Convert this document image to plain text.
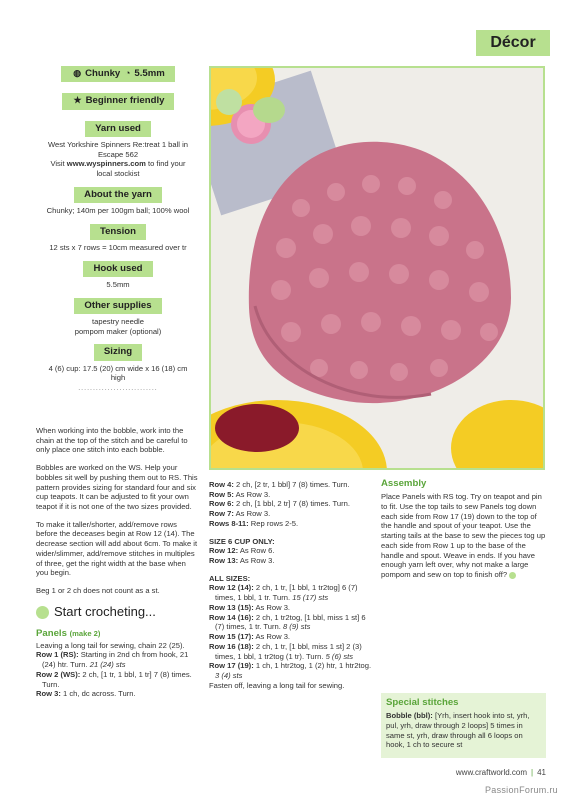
Décor
◍ Chunky ◔ 5.5mm
★ Beginner friendly
Yarn used
West Yorkshire Spinners Re:treat 1 ball in Escape 562
Visit www.wyspinners.com to find your local stockist
About the yarn
Chunky; 140m per 100gm ball; 100% wool
Tension
12 sts x 7 rows = 10cm measured over tr
Hook used
5.5mm
Other supplies
tapestry needle
pompom maker (optional)
Sizing
4 (6) cup: 17.5 (20) cm wide x 16 (18) cm high
...........................

When working into the bobble, work into the chain at the top of the stitch and be careful to only place one stitch into each bobble.

Bobbles are worked on the WS. Help your bobbles sit well by pushing them out to RS. This pattern provides sizing for standard four and six cup teapots. It can be adjusted to fit your own teapot if it is not one of the two sizes provided.

To make it taller/shorter, add/remove rows before the deceases begin at Row 12 (14). The decrease section will add about 6cm. To make it wider/slimmer, add/remove stitches in multiples of three, get the right width at the base when you begin.

Beg 1 or 2 ch does not count as a st.

Start crocheting...
Panels (make 2)
Leaving a long tail for sewing, chain 22 (25).
Row 1 (RS): Starting in 2nd ch from hook, 21 (24) htr. Turn. 21 (24) sts
Row 2 (WS): 2 ch, [1 tr, 1 bbl, 1 tr] 7 (8) times. Turn.
Row 3: 1 ch, dc across. Turn.
Row 4: 2 ch, [2 tr, 1 bbl] 7 (8) times. Turn.
Row 5: As Row 3.
Row 6: 2 ch, [1 bbl, 2 tr] 7 (8) times. Turn.
Row 7: As Row 3.
Rows 8-11: Rep rows 2-5.
SIZE 6 CUP ONLY:
Row 12: As Row 6.
Row 13: As Row 3.
ALL SIZES:
Row 12 (14): 2 ch, 1 tr, [1 bbl, 1 tr2tog] 6 (7) times, 1 bbl, 1 tr. Turn. 15 (17) sts
Row 13 (15): As Row 3.
Row 14 (16): 2 ch, 1 tr2tog, [1 bbl, miss 1 st] 6 (7) times, 1 tr. Turn. 8 (9) sts
Row 15 (17): As Row 3.
Row 16 (18): 2 ch, 1 tr, [1 bbl, miss 1 st] 2 (3) times, 1 bbl, 1 tr2tog (1 tr). Turn. 5 (6) sts
Row 17 (19): 1 ch, 1 htr2tog, 1 (2) htr, 1 htr2tog. 3 (4) sts
Fasten off, leaving a long tail for sewing.
Assembly
Place Panels with RS tog. Try on teapot and pin to fit. Use the top tails to sew Panels tog down each side from Row 17 (19) down to the top of the handle and spout of your teapot. Use the starting tails at the base to sew the pieces tog up each side from Row 1 up to the base of the handle and spout. Weave in ends. If you have enough yarn left over, why not make a large pompom and sew on top to finish off?
Special stitches
Bobble (bbl): [Yrh, insert hook into st, yrh, pul, yrh, draw through 2 loops] 5 times in same st, yrh, draw through all 6 loops on hook, 1 ch to secure st
www.craftworld.com | 41
PassionForum.ru
